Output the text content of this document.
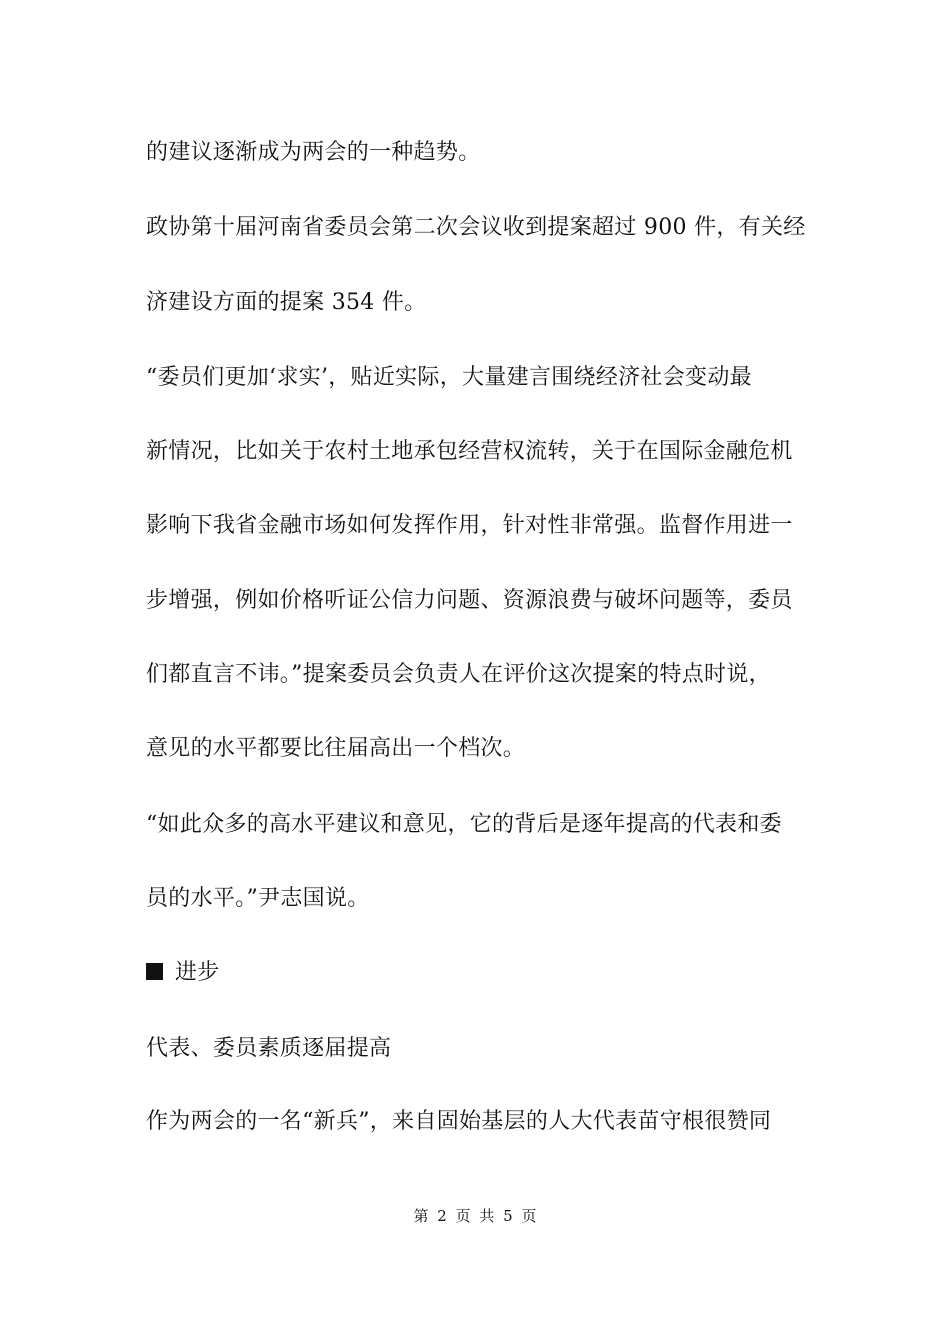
的建议逐渐成为两会的一种趋势。
政协第十届河南省委员会第二次会议收到提案超过 900 件，有关经
济建设方面的提案 354 件。
“委员们更加‘求实’，贴近实际，大量建言围绕经济社会变动最
新情况，比如关于农村土地承包经营权流转，关于在国际金融危机
影响下我省金融市场如何发挥作用，针对性非常强。监督作用进一
步增强，例如价格听证公信力问题、资源浪费与破坏问题等，委员
们都直言不讳。”提案委员会负责人在评价这次提案的特点时说，
意见的水平都要比往届高出一个档次。
“如此众多的高水平建议和意见，它的背后是逐年提高的代表和委
员的水平。”尹志国说。
进步
代表、委员素质逐届提高
作为两会的一名“新兵”，来自固始基层的人大代表苗守根很赞同
第 2 页 共 5 页
